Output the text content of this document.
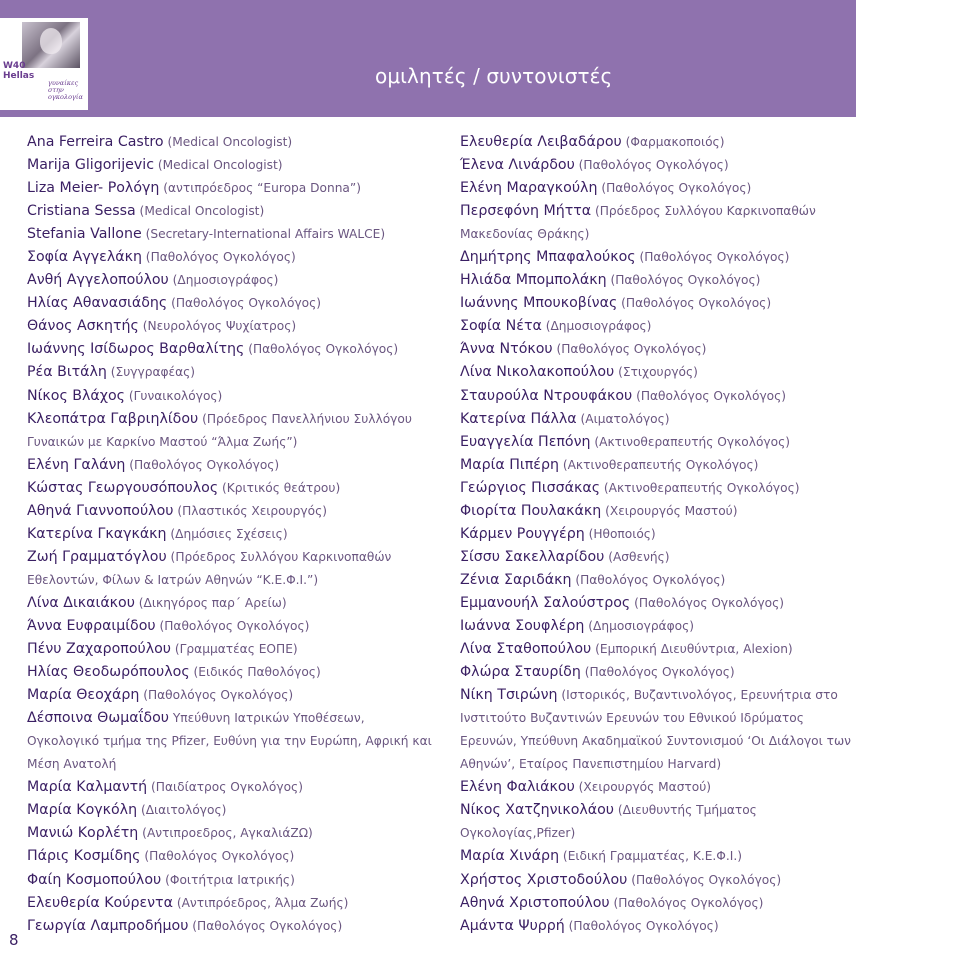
W40
Hellas
γυναίκες
στην
ογκολογία
ομιλητές / συντονιστές
Ana Ferreira Castro (Medical Oncologist)
Marija Gligorijevic (Medical Oncologist)
Liza Meier- Ρολόγη (αντιπρόεδρος “Europa Donna”)
Cristiana Sessa (Medical Oncologist)
Stefania Vallone (Secretary-International Affairs WALCE)
Σοφία Αγγελάκη (Παθολόγος Ογκολόγος)
Ανθή Αγγελοπούλου (Δημοσιογράφος)
Ηλίας Αθανασιάδης (Παθολόγος Ογκολόγος)
Θάνος Ασκητής (Νευρολόγος Ψυχίατρος)
Ιωάννης Ισίδωρος Βαρθαλίτης (Παθολόγος Ογκολόγος)
Ρέα Βιτάλη (Συγγραφέας)
Νίκος Βλάχος (Γυναικολόγος)
Κλεοπάτρα Γαβριηλίδου (Πρόεδρος Πανελλήνιου Συλλόγου Γυναικών με Καρκίνο Μαστού “Άλμα Ζωής”)
Ελένη Γαλάνη (Παθολόγος Ογκολόγος)
Κώστας Γεωργουσόπουλος (Κριτικός θεάτρου)
Αθηνά Γιαννοπούλου (Πλαστικός Χειρουργός)
Κατερίνα Γκαγκάκη (Δημόσιες Σχέσεις)
Ζωή Γραμματόγλου (Πρόεδρος Συλλόγου Καρκινοπαθών Εθελοντών, Φίλων & Ιατρών Αθηνών “K.E.Φ.Ι.”)
Λίνα Δικαιάκου (Δικηγόρος παρ΄ Αρείω)
Άννα Ευφραιμίδου (Παθολόγος Ογκολόγος)
Πένυ Ζαχαροπούλου (Γραμματέας ΕΟΠΕ)
Ηλίας Θεοδωρόπουλος (Ειδικός Παθολόγος)
Μαρία Θεοχάρη (Παθολόγος Ογκολόγος)
Δέσποινα Θωμαΐδου Υπεύθυνη Ιατρικών Υποθέσεων, Ογκολογικό τμήμα της Pfizer, Ευθύνη για την Ευρώπη, Αφρική και Μέση Ανατολή
Μαρία Καλμαντή (Παιδίατρος Ογκολόγος)
Μαρία Κογκόλη (Διαιτολόγος)
Μανιώ Κορλέτη (Αντιπροεδρος, ΑγκαλιάΖΩ)
Πάρις Κοσμίδης (Παθολόγος Ογκολόγος)
Φαίη Κοσμοπούλου (Φοιτήτρια Ιατρικής)
Ελευθερία Κούρεντα (Αντιπρόεδρος, Άλμα Ζωής)
Γεωργία Λαμπροδήμου (Παθολόγος Ογκολόγος)
Ελευθερία Λειβαδάρου (Φαρμακοποιός)
Έλενα Λινάρδου (Παθολόγος Ογκολόγος)
Ελένη Μαραγκούλη (Παθολόγος Ογκολόγος)
Περσεφόνη Μήττα (Πρόεδρος Συλλόγου Καρκινοπαθών Μακεδονίας Θράκης)
Δημήτρης Μπαφαλούκος (Παθολόγος Ογκολόγος)
Ηλιάδα Μπομπολάκη (Παθολόγος Ογκολόγος)
Ιωάννης Μπουκοβίνας (Παθολόγος Ογκολόγος)
Σοφία Νέτα (Δημοσιογράφος)
Άννα Ντόκου (Παθολόγος Ογκολόγος)
Λίνα Νικολακοπούλου (Στιχουργός)
Σταυρούλα Ντρουφάκου (Παθολόγος Ογκολόγος)
Κατερίνα Πάλλα (Αιματολόγος)
Ευαγγελία Πεπόνη (Ακτινοθεραπευτής Ογκολόγος)
Μαρία Πιπέρη (Ακτινοθεραπευτής Ογκολόγος)
Γεώργιος Πισσάκας (Ακτινοθεραπευτής Ογκολόγος)
Φιορίτα Πουλακάκη (Χειρουργός Μαστού)
Κάρμεν Ρουγγέρη (Ηθοποιός)
Σίσσυ Σακελλαρίδου (Ασθενής)
Ζένια Σαριδάκη (Παθολόγος Ογκολόγος)
Εμμανουήλ Σαλούστρος (Παθολόγος Ογκολόγος)
Ιωάννα Σουφλέρη (Δημοσιογράφος)
Λίνα Σταθοπούλου (Εμπορική Διευθύντρια, Alexion)
Φλώρα Σταυρίδη (Παθολόγος Ογκολόγος)
Νίκη Τσιρώνη (Ιστορικός, Βυζαντινολόγος, Ερευνήτρια στο Ινστιτούτο Βυζαντινών Ερευνών του Εθνικού Ιδρύματος Ερευνών, Υπεύθυνη Ακαδημαϊκού Συντονισμού ‘Οι Διάλογοι των Αθηνών’, Εταίρος Πανεπιστημίου Harvard)
Ελένη Φαλιάκου (Χειρουργός Μαστού)
Νίκος Χατζηνικολάου (Διευθυντής Τμήματος Ογκολογίας,Pfizer)
Μαρία Χινάρη (Ειδική Γραμματέας, Κ.Ε.Φ.Ι.)
Χρήστος Χριστοδούλου (Παθολόγος Ογκολόγος)
Αθηνά Χριστοπούλου (Παθολόγος Ογκολόγος)
Αμάντα Ψυρρή (Παθολόγος Ογκολόγος)
8
